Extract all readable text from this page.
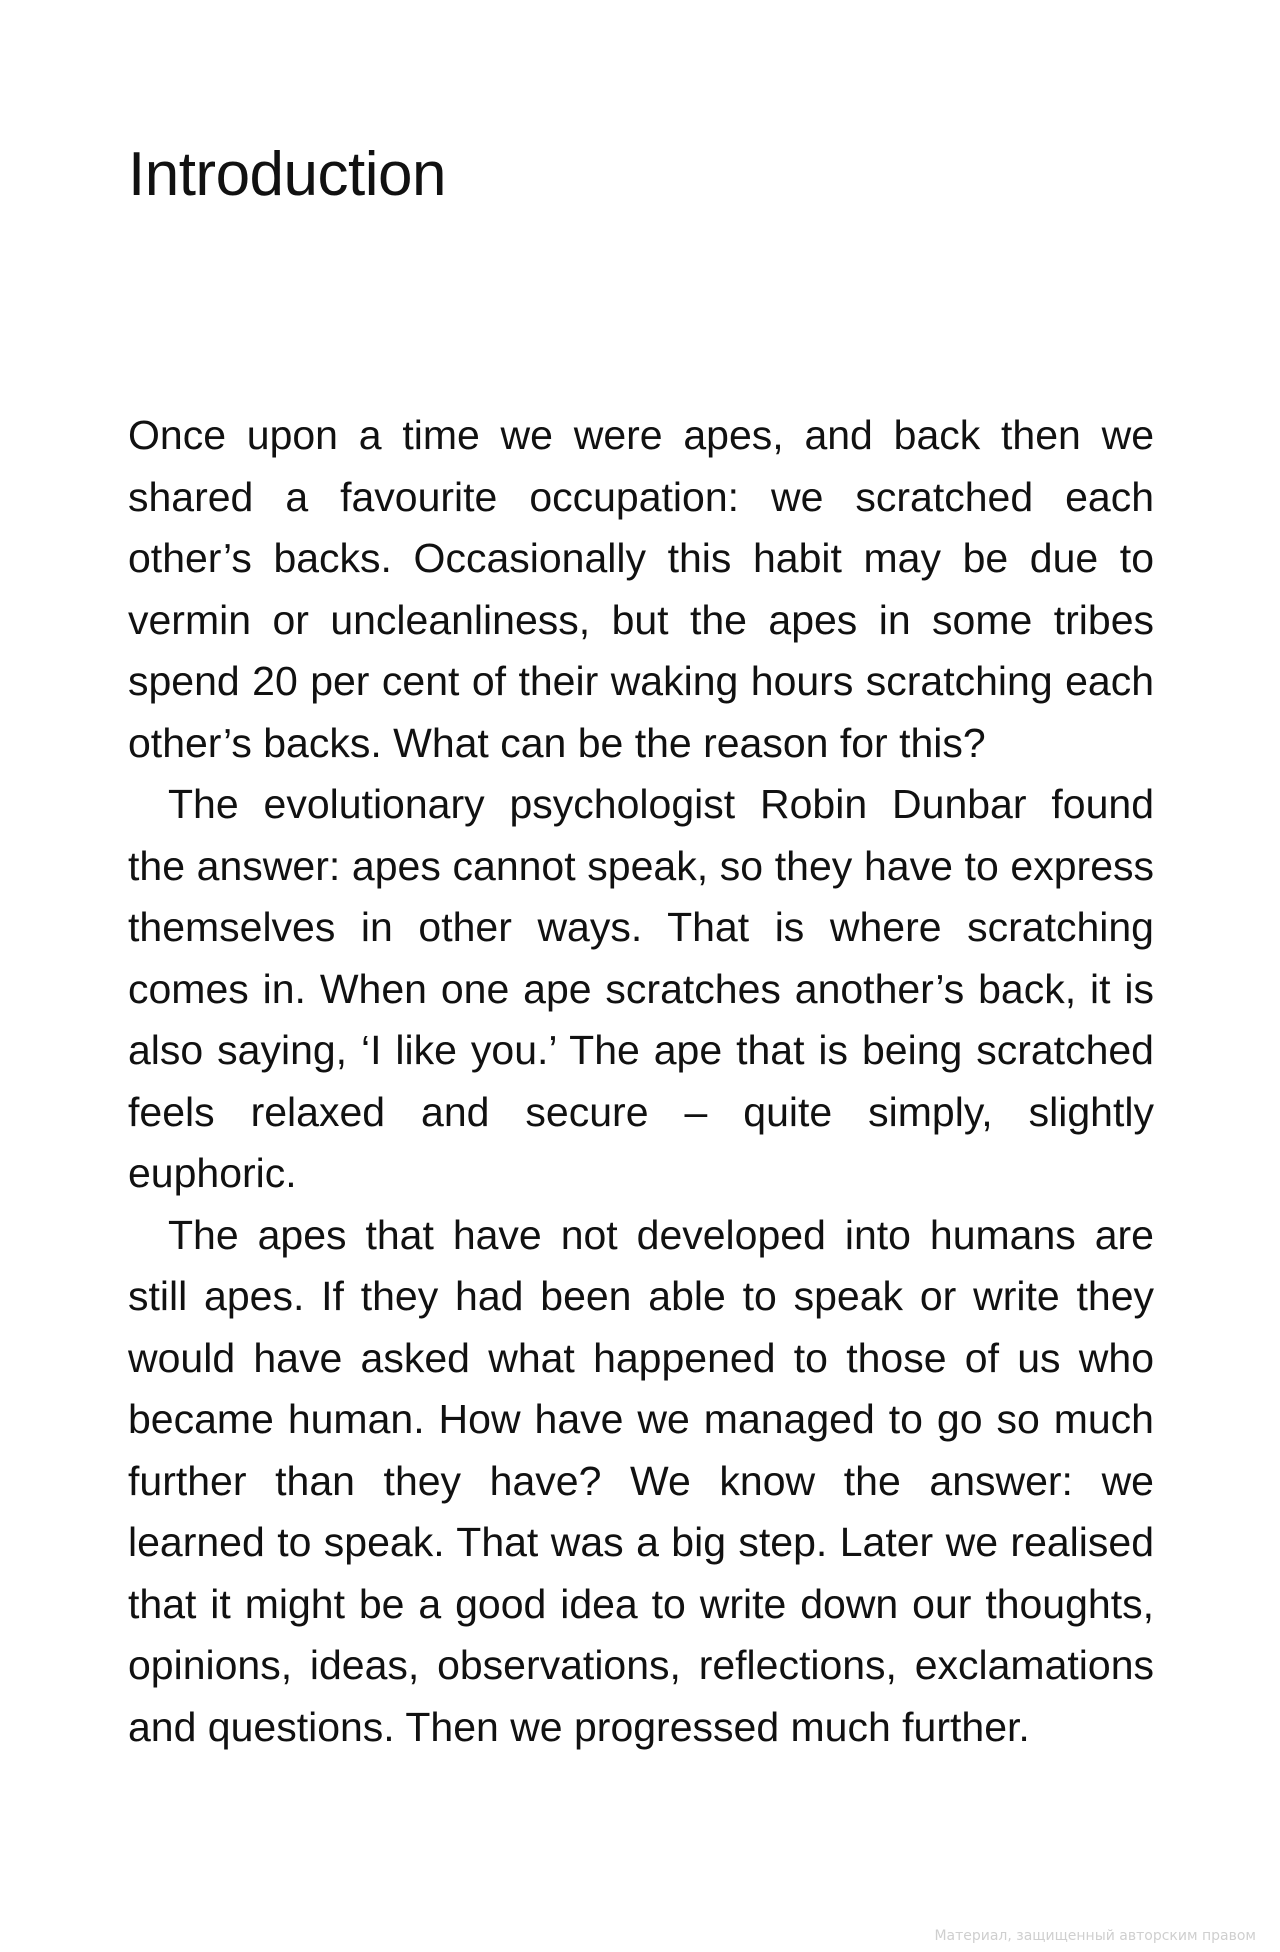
Introduction

Once upon a time we were apes, and back then we shared a favourite occupation: we scratched each other’s backs. Occasionally this habit may be due to vermin or uncleanliness, but the apes in some tribes spend 20 per cent of their waking hours scratching each other’s backs. What can be the reason for this?

The evolutionary psychologist Robin Dunbar found the answer: apes cannot speak, so they have to express themselves in other ways. That is where scratching comes in. When one ape scratches another’s back, it is also saying, ‘I like you.’ The ape that is being scratched feels relaxed and secure – quite simply, slightly euphoric.

The apes that have not developed into humans are still apes. If they had been able to speak or write they would have asked what happened to those of us who became human. How have we managed to go so much further than they have? We know the answer: we learned to speak. That was a big step. Later we realised that it might be a good idea to write down our thoughts, opinions, ideas, observations, reflections, exclamations and questions. Then we progressed much further.

Материал, защищенный авторским правом
